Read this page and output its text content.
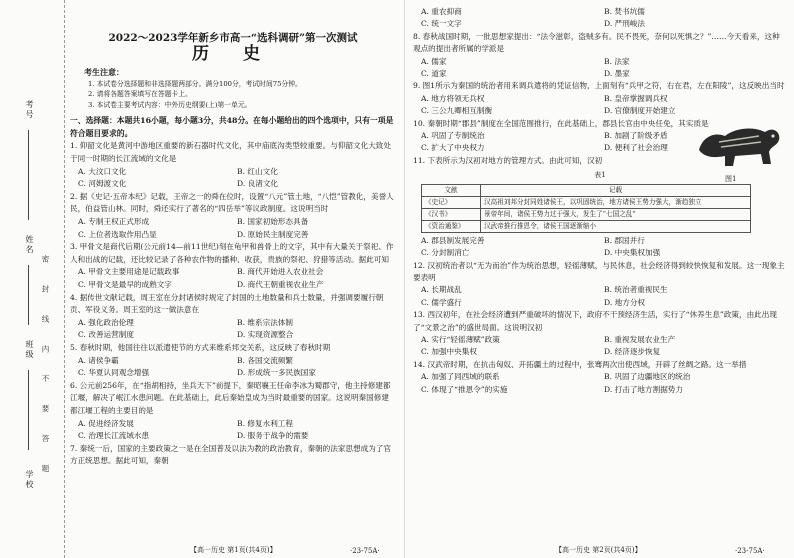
考号
姓名
班级
学校 密 封 线 内 不 要 答 题
2022～2023学年新乡市高一“选科调研”第一次测试
历 史
考生注意：
1. 本试卷分选择题和非选择题两部分。满分100分，考试时间75分钟。
2. 请将各题答案填写在答题卡上。
3. 本试卷主要考试内容：中外历史纲要(上)第一单元。
一、选择题：本题共16小题，每小题3分，共48分。在每小题给出的四个选项中，只有一项是符合题目要求的。
1. 仰韶文化是黄河中游地区重要的新石器时代文化，其中庙底沟类型较重要。与仰韶文化大致处于同一时期的长江流域的文化是
A. 大汶口文化	B. 红山文化
C. 河姆渡文化	D. 良渚文化
2. 据《史记·五帝本纪》记载，王帝之一的舜在位时，设置“八元”管土地，“八恺”管教化，美誉人民，伯益管山林。同时，舜还实行了著名的“四岳举”等议政制度。这说明当时
A. 专制王权正式形成	B. 国家初始形态具备
C. 上位者选取作用凸显	D. 原始民主制度完善
3. 甲骨文是商代后期(公元前14—前11世纪)刻在龟甲和兽骨上的文字，其中有大量关于祭祀、作人和出战的记载，还比较记录了各种农作物的播种、收获，贵族的祭祀、狩猎等活动。据此可知
A. 甲骨文主要用途是记载政事	B. 商代开始进入农业社会
C. 甲骨文是最早的成熟文字	D. 商代王朝重视农业生产
4. 据传世文献记载，周王室在分封诸侯时规定了封国的土地数量和兵士数量，并强调要履行朝贡、军役义务。周王室的这一做法意在
A. 强化政治伦理	B. 维系宗法体制
C. 改善运营制度	D. 实现资源整合
5. 春秋时期，他国往往以派遣使节的方式来维系邦交关系，这反映了春秋时期
A. 诸侯争霸	B. 各国交流频繁
C. 华夏认同观念增强	D. 形成统一多民族国家
6. 公元前256年，在“指胡相持，坐兵天下”前提下，秦昭襄王任命李冰为蜀郡守，他主持修建都江堰，解决了岷江水患问题。在此基础上，此后秦始皇成为当时最重要的国家。这说明秦国修建都江堰工程的主要目的是
A. 促进经济发展	B. 修复水利工程
C. 治理长江流域水患	D. 服务于战争的需要
7. 秦统一后，国家的主要政策之一是在全国普及以法为教的政治教育，秦朝的法家思想成为了官方正统思想。据此可知，秦朝
【高一历史 第1页(共4页)】	·23-75A·
A. 重农抑商	B. 焚书坑儒
C. 统一文字	D. 严刑峻法
8. 春秋战国时期，一批思想家提出：“法令滋彰，盗贼多有。民不畏死，奈何以死惧之？”……今天看来，这种观点的提出者所属的学派是
A. 儒家	B. 法家
C. 道家	D. 墨家
9. 图1所示为秦国的统治者用来调兵遣将的凭证信物，上面刻有“兵甲之符，右在君，左在阳陵”，这反映出当时
A. 地方将领无兵权	B. 皇帝掌握调兵权
C. 三公九卿相互制衡	D. 官僚制度开始建立
10. 秦朝时期“郡县”制度在全国范围推行，在此基础上，郡县长官由中央任免，其实质是
A. 巩固了专制统治	B. 加剧了阶级矛盾
C. 扩大了中央权力	D. 便利了社会治理
11. 下表所示为汉初对地方的管理方式。由此可知，汉初
表1
文献	记载
《史记》	汉高祖刘邦分封同姓诸侯王，以巩固统治，地方诸侯王势力强大，渐趋独立
《汉书》	景帝年间，诸侯王势力过于强大，发生了“七国之乱”
《资治通鉴》	汉武帝推行推恩令，诸侯王国逐渐缩小
A. 郡县制发展完善	B. 郡国并行
C. 分封制消亡	D. 中央集权加强
12. 汉初统治者以“无为而治”作为统治思想，轻徭薄赋，与民休息，社会经济得到较快恢复和发展。这一现象主要表明
A. 长期战乱	B. 统治者重视民生
C. 儒学盛行	D. 地方分权
13. 西汉初年，在社会经济遭到严重破坏的情况下，政府不干预经济生活，实行了“休养生息”政策，由此出现了“文景之治”的盛世局面。这说明汉初
A. 实行“轻徭薄赋”政策	B. 重视发展农业生产
C. 加强中央集权	D. 经济逐步恢复
14. 汉武帝时期，在抗击匈奴、开拓疆土的过程中，张骞两次出使西域，开辟了丝绸之路。这一举措
A. 加强了同西域的联系	B. 巩固了边疆地区的统治
C. 体现了“推恩令”的实施	D. 打击了地方割据势力
图1
【高一历史 第2页(共4页)】	·23-75A·
